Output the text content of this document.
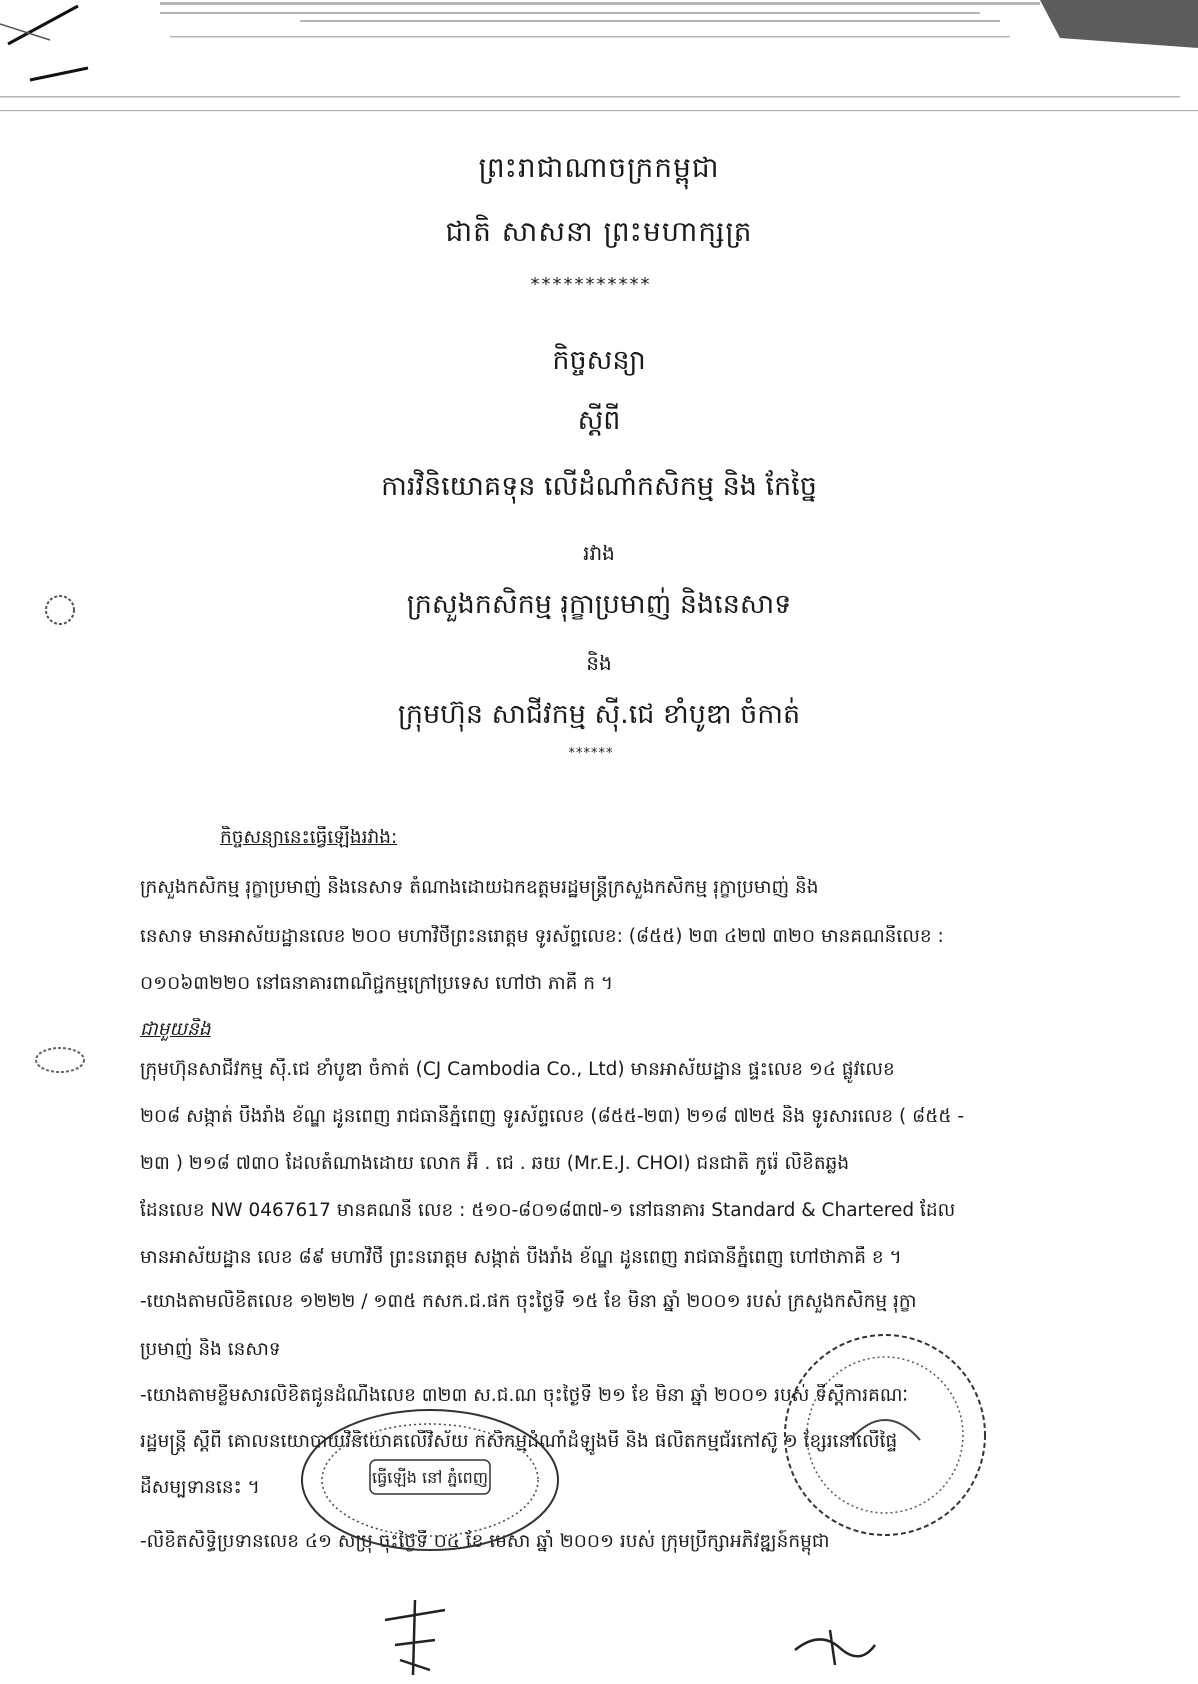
ព្រះរាជាណាចក្រកម្ពុជា
ជាតិ សាសនា ព្រះមហាក្សត្រ
***********
កិច្ចសន្យា
ស្តីពី
ការវិនិយោគទុន លើដំណាំកសិកម្ម និង កែច្នៃ
រវាង
ក្រសួងកសិកម្ម រុក្ខាប្រមាញ់ និងនេសាទ
និង
ក្រុមហ៊ុន សាជីវកម្ម ស៊ី.ជេ ខាំបូឌា ចំកាត់
******
កិច្ចសន្យានេះធ្វើឡើងរវាង:
ក្រសួងកសិកម្ម រុក្ខាប្រមាញ់ និងនេសាទ តំណាងដោយឯកឧត្តមរដ្ឋមន្ត្រីក្រសួងកសិកម្ម រុក្ខាប្រមាញ់ និង
នេសាទ មានអាស័យដ្ឋានលេខ ២០០ មហាវិថីព្រះនរោត្តម ទូរស័ព្ទលេខ: (៨៥៥) ២៣ ៤២៧ ៣២០ មានគណនីលេខ :
០១០៦៣២២០ នៅធនាគារពាណិជ្ជកម្មក្រៅប្រទេស ហៅថា ភាគី ក ។
ជាមួយនិង
ក្រុមហ៊ុនសាជីវកម្ម ស៊ី.ជេ ខាំបូឌា ចំកាត់ (CJ Cambodia Co., Ltd) មានអាស័យដ្ឋាន ផ្ទះលេខ ១៤ ផ្លូវលេខ
២០៨ សង្កាត់ បឹងរាំង ខ័ណ្ឌ ដូនពេញ រាជធានីភ្នំពេញ ទូរស័ព្ទលេខ (៨៥៥-២៣) ២១៨ ៧២៥ និង ទូរសារលេខ ( ៨៥៥ -
២៣ ) ២១៨ ៧៣០ ដែលតំណាងដោយ លោក អ៊ី . ជេ . ឆយ (Mr.E.J. CHOI) ជនជាតិ កូរ៉េ លិខិតឆ្លង
ដែនលេខ NW 0467617 មានគណនី លេខ : ៥១០-៨០១៨៣៧-១ នៅធនាគារ Standard & Chartered ដែល
មានអាស័យដ្ឋាន លេខ ៨៩ មហាវិថី ព្រះនរោត្តម សង្កាត់ បឹងរាំង ខ័ណ្ឌ ដូនពេញ រាជធានីភ្នំពេញ ហៅថាភាគី ខ ។
-យោងតាមលិខិតលេខ ១២២២ / ១៣៥ កសក.ជ.ផក ចុះថ្ងៃទី ១៥ ខែ មិនា ឆ្នាំ ២០០១ របស់ ក្រសួងកសិកម្ម រុក្ខា
ប្រមាញ់ និង នេសាទ
-យោងតាមខ្លឹមសារលិខិតជូនដំណឹងលេខ ៣២៣ ស.ជ.ណ ចុះថ្ងៃទី ២១ ខែ មិនា ឆ្នាំ ២០០១ របស់ ទីស្តីការគណៈ
រដ្ឋមន្ត្រី ស្តីពី គោលនយោបាយវិនិយោគលើវិស័យ កសិកម្មដំណាំដំឡូងមី និង ផលិតកម្មជ័រកៅស៊ូ ១ ខ្សែរនៅលើផ្ទៃ
ដីសម្បទាននេះ ។
-លិខិតសិទ្ធិប្រទានលេខ ៤១ សប្រុ ចុះថ្ងៃទី ០៤ ខែ មេសា ឆ្នាំ ២០០១ របស់ ក្រុមប្រឹក្សាអភិវឌ្ឍន៍កម្ពុជា
ធ្វើឡើង នៅ ភ្នំពេញ
